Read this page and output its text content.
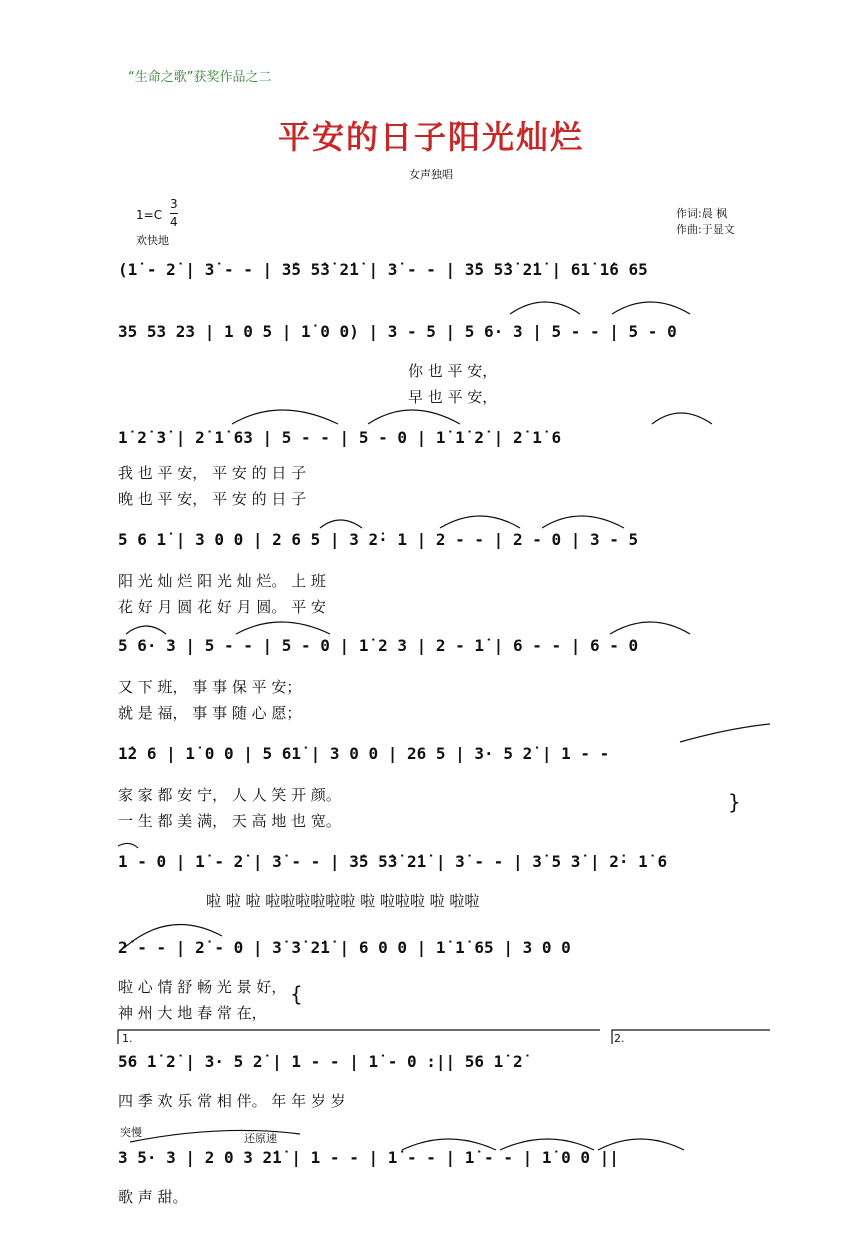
“生命之歌”获奖作品之二
平安的日子阳光灿烂
女声独唱
$1=C \frac{3}{4}$
欢快地
作词:晨 枫
作曲:于显文
(1̇ - 2̇ | 3̇ - - | 3̇5 5̇3̇ 2̇1̇ | 3̇ - - | 3̇5 5̇3̇ 2̇1̇ | 61̇ 1̇6 65
35 53 23 | 1 0 5 | 1̇ 0 0) | 3 - 5 | 5 6· 3 | 5 - - | 5 - 0
你 也 平 安，
早 也 平 安，
1̇ 2̇ 3̇ | 2̇ 1̇ 63 | 5 - - | 5 - 0 | 1̇ 1̇ 2̇ | 2̇ 1̇ 6
我 也 平 安， 平 安 的 日 子
晚 也 平 安， 平 安 的 日 子
5 6 1̇ | 3 0 0 | 2 6 5 | 3 2̇· 1 | 2 - - | 2 - 0 | 3 - 5
阳 光 灿 烂 阳 光 灿 烂。 上 班
花 好 月 圆 花 好 月 圆。 平 安
5 6· 3 | 5 - - | 5 - 0 | 1̇ 2 3 | 2 - 1̇ | 6 - - | 6 - 0
又 下 班， 事 事 保 平 安；
就 是 福， 事 事 随 心 愿；
1̇2 6 | 1̇ 0 0 | 5 61̇ | 3 0 0 | 26 5 | 3· 5 2̇ | 1 - -
家 家 都 安 宁， 人 人 笑 开 颜。
一 生 都 美 满， 天 高 地 也 宽。
}
1 - 0 | 1̇ - 2̇ | 3̇ - - | 3̇5 5̇3̇ 2̇1̇ | 3̇ - - | 3̇ 5 3̇ | 2̇· 1̇ 6
啦 啦 啦 啦啦啦啦啦啦 啦 啦啦啦 啦 啦啦
2̇ - - | 2̇ - 0 | 3̇ 3̇ 2̇1̇ | 6 0 0 | 1̇ 1̇ 65 | 3 0 0
啦 心 情 舒 畅 光 景 好，
神 州 大 地 春 常 在，
{
1.	2.
56 1̇ 2̇ | 3· 5 2̇ | 1 - - | 1̇ - 0 :|| 56 1̇ 2̇
四 季 欢 乐 常 相 伴。 年 年 岁 岁
突慢	还原速
3 5· 3 | 2 0 3 2̇1̇ | 1 - - | 1̇ - - | 1̇ - - | 1̇ 0 0 ||
歌 声 甜。
